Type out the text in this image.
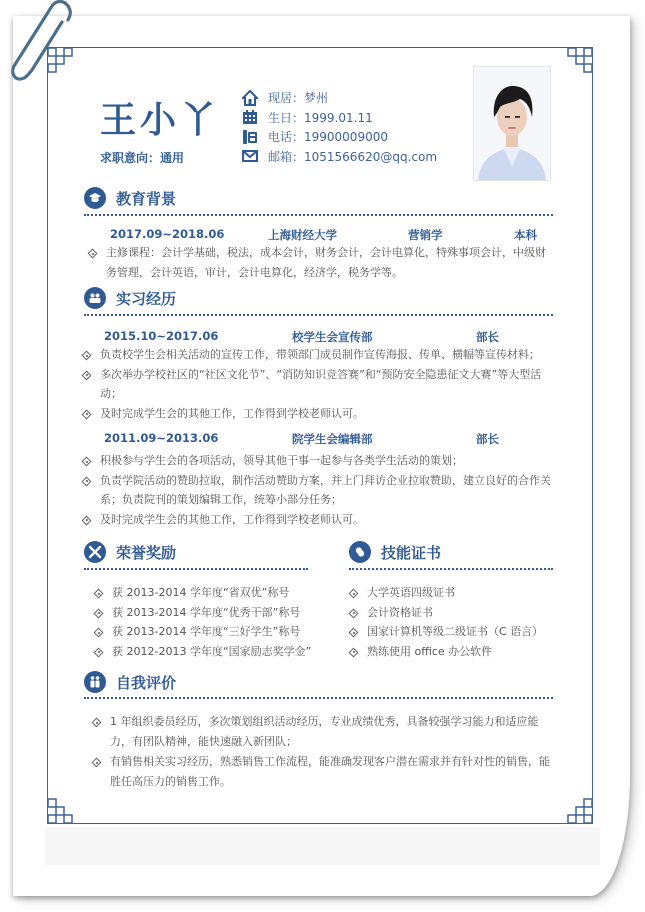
王小丫
求职意向：通用
现居：梦州
生日：1999.01.11
电话：19900009000
邮箱：1051566620@qq.com
教育背景
2017.09~2018.06	上海财经大学	营销学	本科
主修课程：会计学基础，税法，成本会计，财务会计，会计电算化，特殊事项会计，中级财务管理，会计英语，审计，会计电算化，经济学，税务学等。
实习经历
2015.10~2017.06	校学生会宣传部	部长
负责校学生会相关活动的宣传工作，带领部门成员制作宣传海报、传单、横幅等宣传材料；
多次举办学校社区的“社区文化节”、“消防知识竞答赛”和“预防安全隐患征文大赛”等大型活动；
及时完成学生会的其他工作，工作得到学校老师认可。
2011.09~2013.06	院学生会编辑部	部长
积极参与学生会的各项活动，领导其他干事一起参与各类学生活动的策划；
负责学院活动的赞助拉取，制作活动赞助方案，并上门拜访企业拉取赞助，建立良好的合作关系；负责院刊的策划编辑工作，统筹小部分任务；
及时完成学生会的其他工作，工作得到学校老师认可。
荣誉奖励
获 2013-2014 学年度“省双优”称号
获 2013-2014 学年度“优秀干部”称号
获 2013-2014 学年度“三好学生”称号
获 2012-2013 学年度“国家励志奖学金”
技能证书
大学英语四级证书
会计资格证书
国家计算机等级二级证书（C 语言）
熟练使用 office 办公软件
自我评价
1 年组织委员经历，多次策划组织活动经历，专业成绩优秀，具备较强学习能力和适应能力，有团队精神，能快速融入新团队；
有销售相关实习经历，熟悉销售工作流程，能准确发现客户潜在需求并有针对性的销售，能胜任高压力的销售工作。
